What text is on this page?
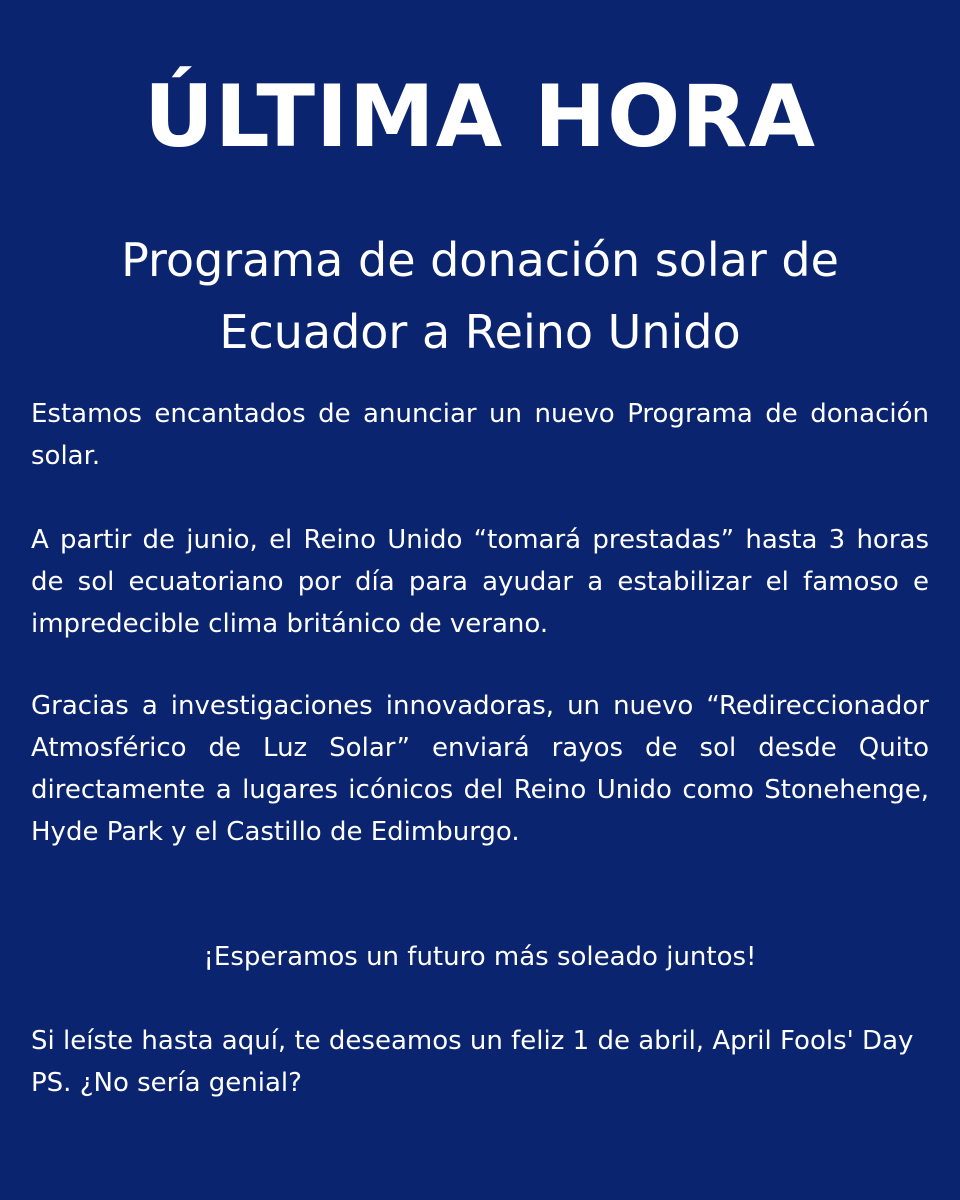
ÚLTIMA HORA
Programa de donación solar de Ecuador a Reino Unido

Estamos encantados de anunciar un nuevo Programa de donación solar.

A partir de junio, el Reino Unido “tomará prestadas” hasta 3 horas de sol ecuatoriano por día para ayudar a estabilizar el famoso e impredecible clima británico de verano.

Gracias a investigaciones innovadoras, un nuevo “Redireccionador Atmosférico de Luz Solar” enviará rayos de sol desde Quito directamente a lugares icónicos del Reino Unido como Stonehenge, Hyde Park y el Castillo de Edimburgo.

¡Esperamos un futuro más soleado juntos!

Si leíste hasta aquí, te deseamos un feliz 1 de abril, April Fools' Day
PS. ¿No sería genial?
